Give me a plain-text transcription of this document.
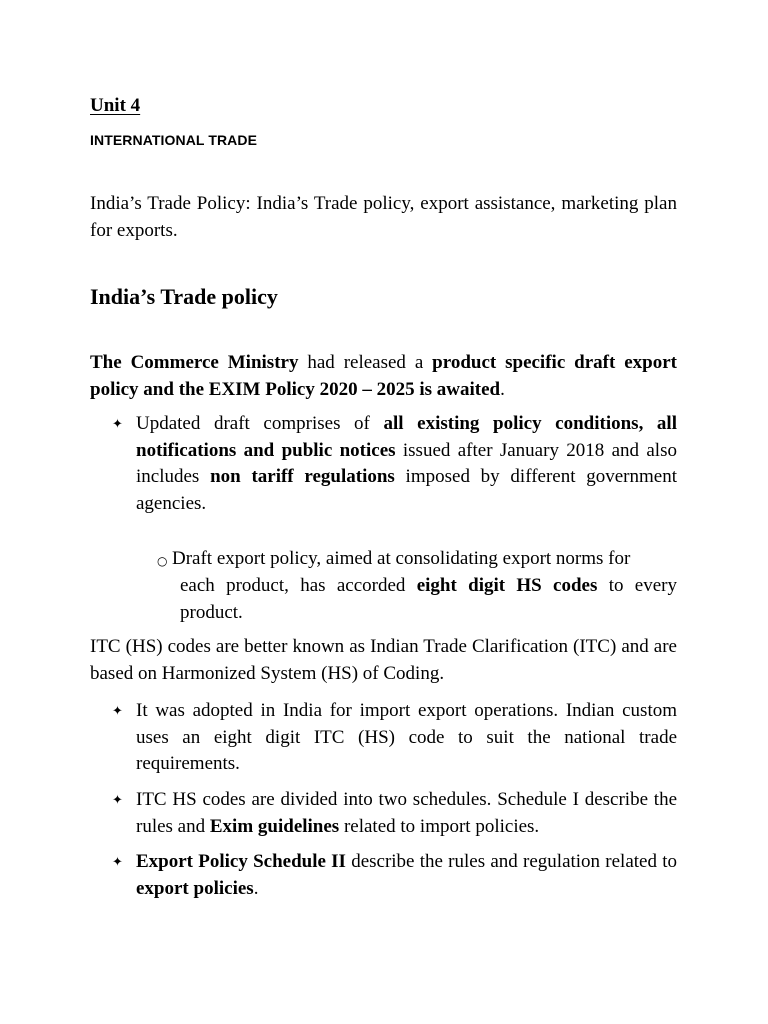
Unit 4
INTERNATIONAL TRADE

India’s Trade Policy: India’s Trade policy, export assistance, marketing plan for exports.

India’s Trade policy

The Commerce Ministry had released a product specific draft export policy and the EXIM Policy 2020 – 2025 is awaited.

✦ Updated draft comprises of all existing policy conditions, all notifications and public notices issued after January 2018 and also includes non tariff regulations imposed by different government agencies.

○ Draft export policy, aimed at consolidating export norms for
each product, has accorded eight digit HS codes to every product.

ITC (HS) codes are better known as Indian Trade Clarification (ITC) and are based on Harmonized System (HS) of Coding.

✦ It was adopted in India for import export operations. Indian custom uses an eight digit ITC (HS) code to suit the national trade requirements.

✦ ITC HS codes are divided into two schedules. Schedule I describe the rules and Exim guidelines related to import policies.

✦ Export Policy Schedule II describe the rules and regulation related to export policies.
